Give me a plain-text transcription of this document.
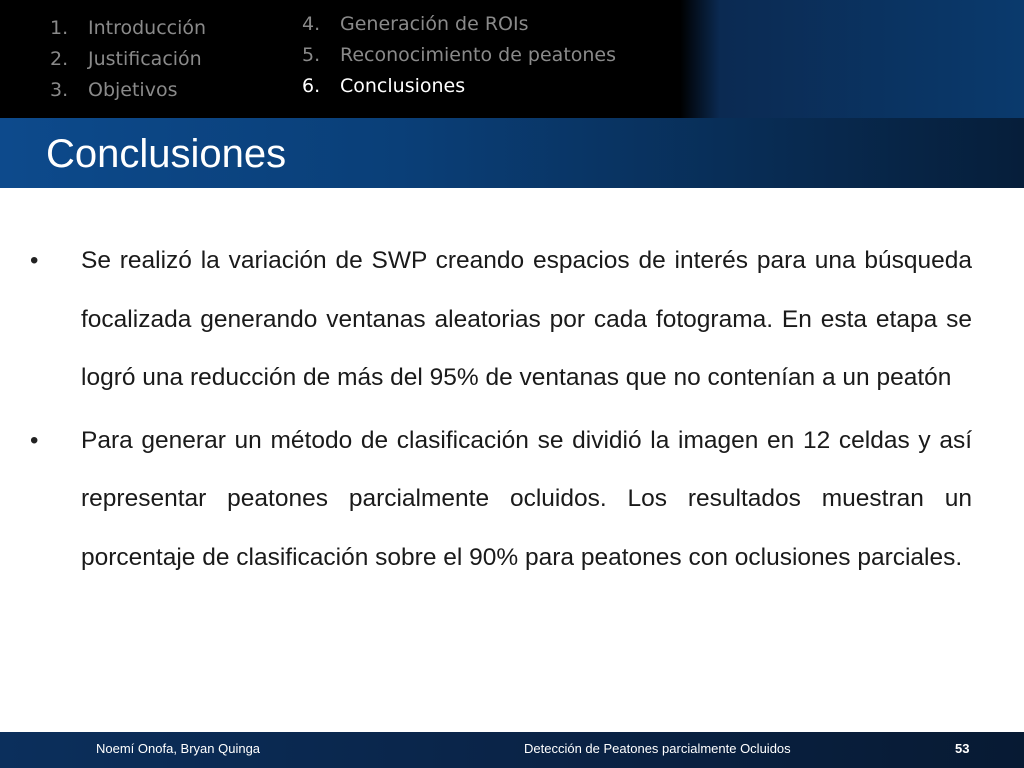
1. Introducción
2. Justificación
3. Objetivos
4. Generación de ROIs
5. Reconocimiento de peatones
6. Conclusiones
Conclusiones
• Se realizó la variación de SWP creando espacios de interés para una búsqueda focalizada generando ventanas aleatorias por cada fotograma. En esta etapa se logró una reducción de más del 95% de ventanas que no contenían a un peatón

• Para generar un método de clasificación se dividió la imagen en 12 celdas y así representar peatones parcialmente ocluidos. Los resultados muestran un porcentaje de clasificación sobre el 90% para peatones con oclusiones parciales.

Noemí Onofa, Bryan Quinga	Detección de Peatones parcialmente Ocluidos	53
